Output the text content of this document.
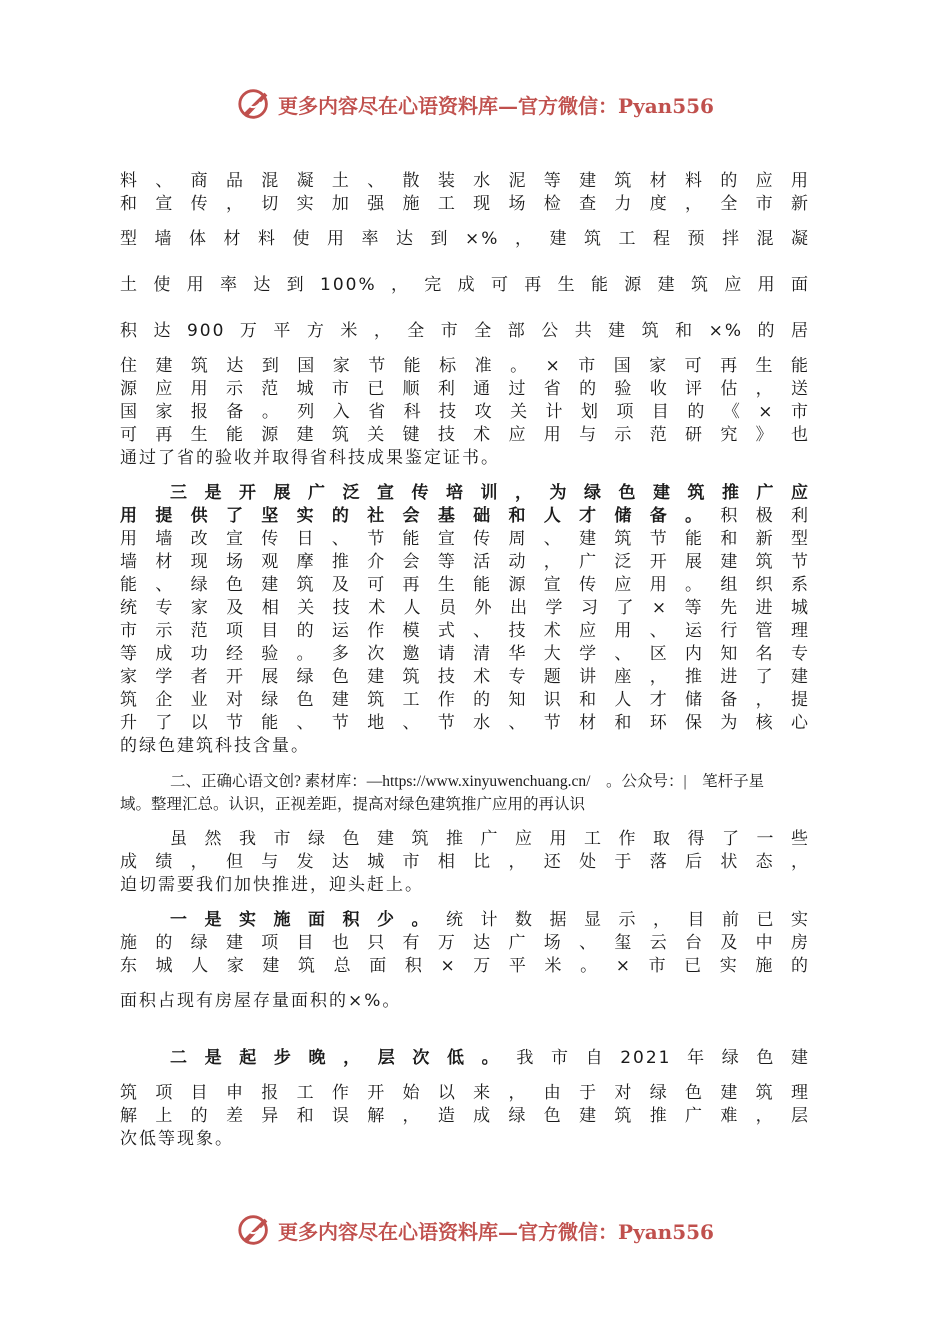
更多内容尽在心语资料库—官方微信：Pyan556

料、商品混凝土、散装水泥等建筑材料的应用

和宣传，切实加强施工现场检查力度，全市新

型墙体材料使用率达到×%，建筑工程预拌混凝

土使用率达到100%，完成可再生能源建筑应用面

积达900万平方米，全市全部公共建筑和×%的居

住建筑达到国家节能标准。×市国家可再生能

源应用示范城市已顺利通过省的验收评估，送

国家报备。列入省科技攻关计划项目的《×市

可再生能源建筑关键技术应用与示范研究》也

通过了省的验收并取得省科技成果鉴定证书。

三是开展广泛宣传培训，为绿色建筑推广应

用提供了坚实的社会基础和人才储备。积极利

用墙改宣传日、节能宣传周、建筑节能和新型

墙材现场观摩推介会等活动，广泛开展建筑节

能、绿色建筑及可再生能源宣传应用。组织系

统专家及相关技术人员外出学习了×等先进城

市示范项目的运作模式、技术应用、运行管理

等成功经验。多次邀请清华大学、区内知名专

家学者开展绿色建筑技术专题讲座，推进了建

筑企业对绿色建筑工作的知识和人才储备，提

升了以节能、节地、节水、节材和环保为核心

的绿色建筑科技含量。

二、正确心语文创? 素材库：—https://www.xinyuwenchuang.cn/　。公众号：|　笔杆子星

域。整理汇总。认识，正视差距，提高对绿色建筑推广应用的再认识

虽然我市绿色建筑推广应用工作取得了一些

成绩，但与发达城市相比，还处于落后状态，

迫切需要我们加快推进，迎头赶上。

一是实施面积少。统计数据显示，目前已实

施的绿建项目也只有万达广场、玺云台及中房

东城人家建筑总面积×万平米。×市已实施的

面积占现有房屋存量面积的×%。

二是起步晚，层次低。我市自2021年绿色建

筑项目申报工作开始以来，由于对绿色建筑理

解上的差异和误解，造成绿色建筑推广难，层

次低等现象。

更多内容尽在心语资料库—官方微信：Pyan556
